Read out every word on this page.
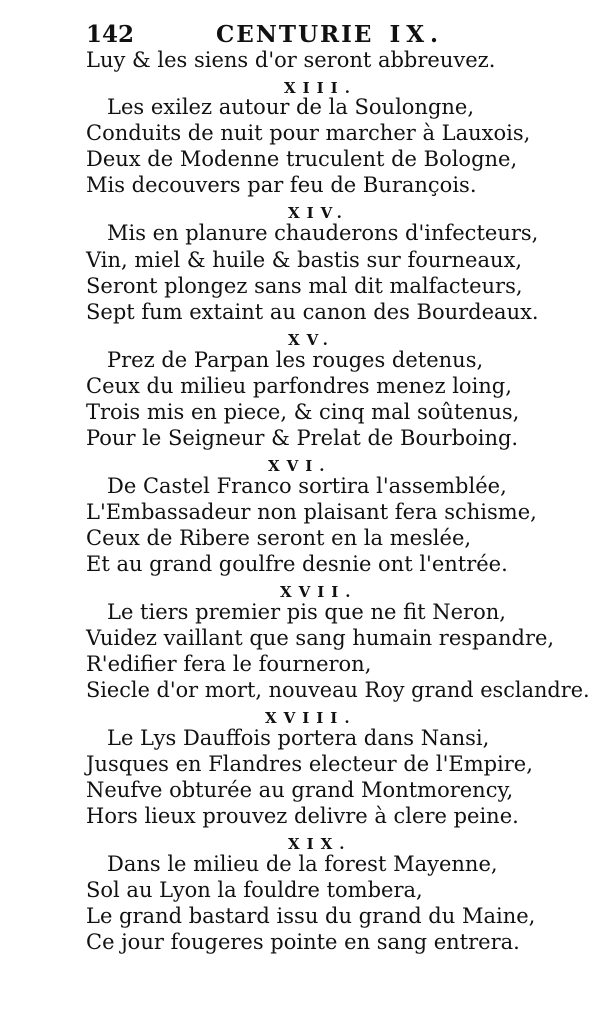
142	CENTURIE IX.
Luy & les siens d'or seront abbreuvez.
XIII.
Les exilez autour de la Soulongne,
Conduits de nuit pour marcher à Lauxois,
Deux de Modenne truculent de Bologne,
Mis decouvers par feu de Burançois.
XIV.
Mis en planure chauderons d'infecteurs,
Vin, miel & huile & bastis sur fourneaux,
Seront plongez sans mal dit malfacteurs,
Sept fum extaint au canon des Bourdeaux.
XV.
Prez de Parpan les rouges detenus,
Ceux du milieu parfondres menez loing,
Trois mis en piece, & cinq mal soûtenus,
Pour le Seigneur & Prelat de Bourboing.
XVI.
De Castel Franco sortira l'assemblée,
L'Embassadeur non plaisant fera schisme,
Ceux de Ribere seront en la meslée,
Et au grand goulfre desnie ont l'entrée.
XVII.
Le tiers premier pis que ne fit Neron,
Vuidez vaillant que sang humain respandre,
R'edifier fera le fourneron,
Siecle d'or mort, nouveau Roy grand esclandre.
XVIII.
Le Lys Dauffois portera dans Nansi,
Jusques en Flandres electeur de l'Empire,
Neufve obturée au grand Montmorency,
Hors lieux prouvez delivre à clere peine.
XIX.
Dans le milieu de la forest Mayenne,
Sol au Lyon la fouldre tombera,
Le grand bastard issu du grand du Maine,
Ce jour fougeres pointe en sang entrera.
